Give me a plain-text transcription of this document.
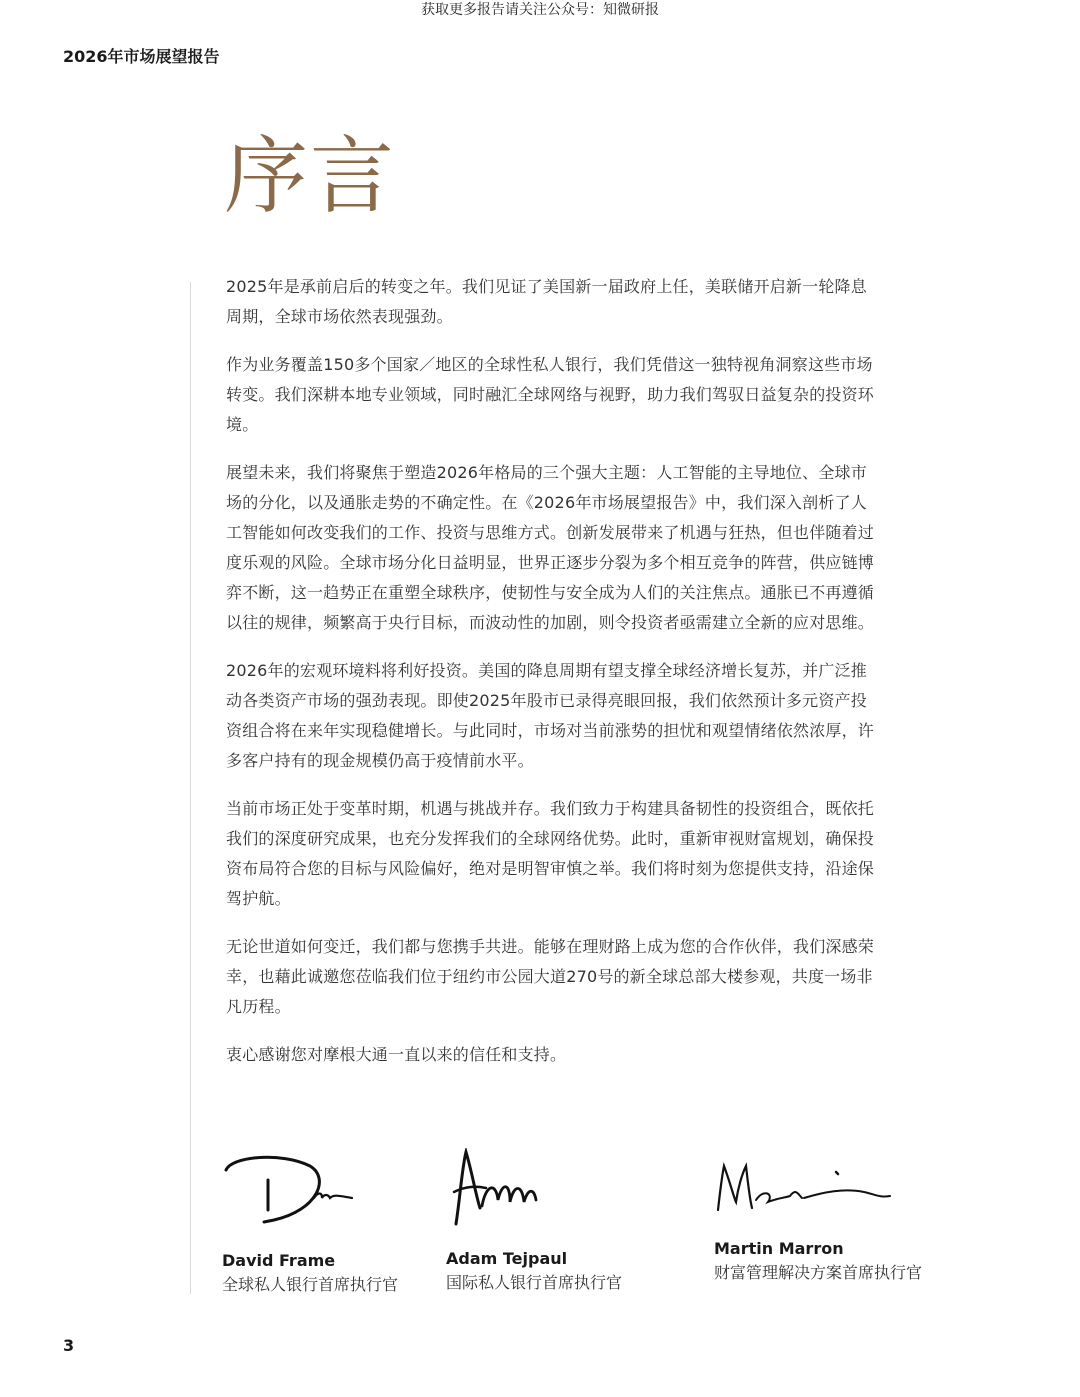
获取更多报告请关注公众号：知微研报
2026年市场展望报告
序言

2025年是承前启后的转变之年。我们见证了美国新一届政府上任，美联储开启新一轮降息周期，全球市场依然表现强劲。

作为业务覆盖150多个国家／地区的全球性私人银行，我们凭借这一独特视角洞察这些市场转变。我们深耕本地专业领域，同时融汇全球网络与视野，助力我们驾驭日益复杂的投资环境。

展望未来，我们将聚焦于塑造2026年格局的三个强大主题：人工智能的主导地位、全球市场的分化，以及通胀走势的不确定性。在《2026年市场展望报告》中，我们深入剖析了人工智能如何改变我们的工作、投资与思维方式。创新发展带来了机遇与狂热，但也伴随着过度乐观的风险。全球市场分化日益明显，世界正逐步分裂为多个相互竞争的阵营，供应链博弈不断，这一趋势正在重塑全球秩序，使韧性与安全成为人们的关注焦点。通胀已不再遵循以往的规律，频繁高于央行目标，而波动性的加剧，则令投资者亟需建立全新的应对思维。

2026年的宏观环境料将利好投资。美国的降息周期有望支撑全球经济增长复苏，并广泛推动各类资产市场的强劲表现。即使2025年股市已录得亮眼回报，我们依然预计多元资产投资组合将在来年实现稳健增长。与此同时，市场对当前涨势的担忧和观望情绪依然浓厚，许多客户持有的现金规模仍高于疫情前水平。

当前市场正处于变革时期，机遇与挑战并存。我们致力于构建具备韧性的投资组合，既依托我们的深度研究成果，也充分发挥我们的全球网络优势。此时，重新审视财富规划，确保投资布局符合您的目标与风险偏好，绝对是明智审慎之举。我们将时刻为您提供支持，沿途保驾护航。

无论世道如何变迁，我们都与您携手共进。能够在理财路上成为您的合作伙伴，我们深感荣幸，也藉此诚邀您莅临我们位于纽约市公园大道270号的新全球总部大楼参观，共度一场非凡历程。

衷心感谢您对摩根大通一直以来的信任和支持。

David Frame
全球私人银行首席执行官
Adam Tejpaul
国际私人银行首席执行官
Martin Marron
财富管理解决方案首席执行官
3
